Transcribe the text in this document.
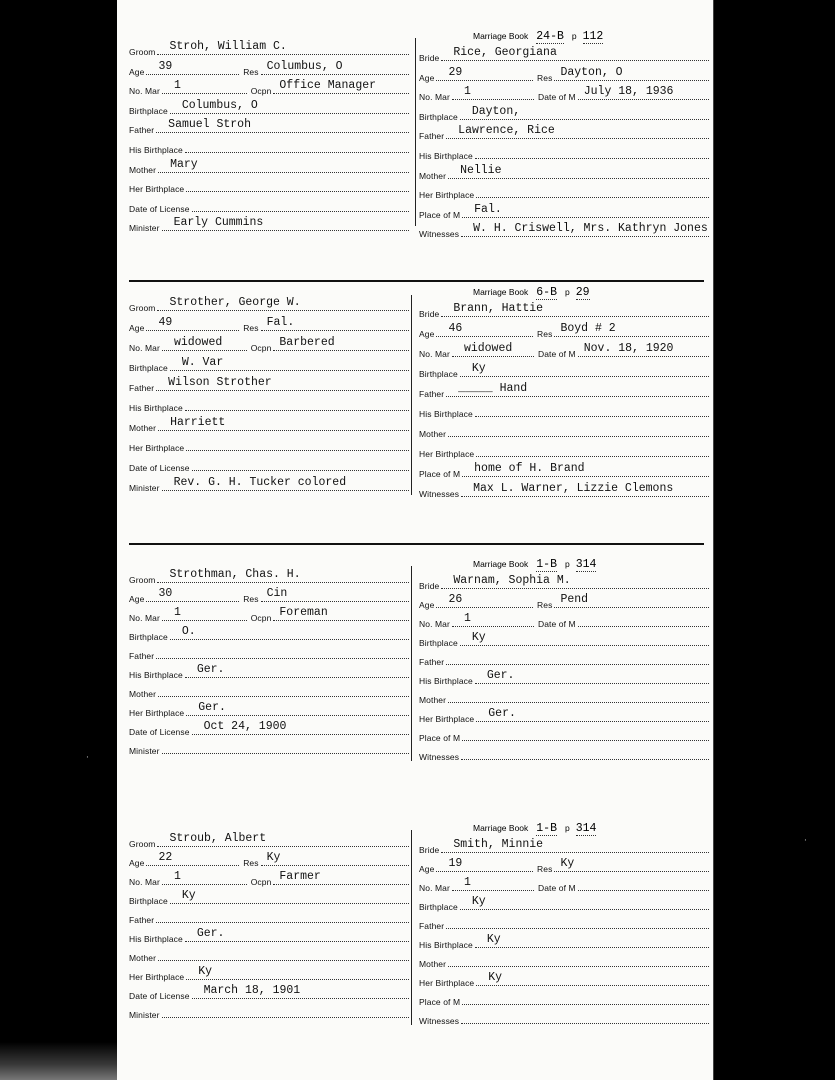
Groom Stroh, William C.
Age 39	Res Columbus, O
No. Mar 1	Ocpn Office Manager
Birthplace Columbus, O
Father Samuel Stroh
His Birthplace
Mother Mary
Her Birthplace
Date of License
Minister Early Cummins
Marriage Book 24-B p 112
Bride Rice, Georgiana
Age 29	Res Dayton, O
No. Mar 1	Date of M July 18, 1936
Birthplace Dayton,
Father Lawrence, Rice
His Birthplace
Mother Nellie
Her Birthplace
Place of M Fal.
Witnesses W. H. Criswell, Mrs. Kathryn Jones
Groom Strother, George W.
Age 49	Res Fal.
No. Mar widowed	Ocpn Barbered
Birthplace W. Var
Father Wilson Strother
His Birthplace
Mother Harriett
Her Birthplace
Date of License
Minister Rev. G. H. Tucker colored
Marriage Book 6-B p 29
Bride Brann, Hattie
Age 46	Res Boyd # 2
No. Mar widowed	Date of M Nov. 18, 1920
Birthplace Ky
Father _____ Hand
His Birthplace
Mother
Her Birthplace
Place of M home of H. Brand
Witnesses Max L. Warner, Lizzie Clemons
Groom Strothman, Chas. H.
Age 30	Res Cin
No. Mar 1	Ocpn Foreman
Birthplace O.
Father
His Birthplace Ger.
Mother
Her Birthplace Ger.
Date of License Oct 24, 1900
Minister
Marriage Book 1-B p 314
Bride Warnam, Sophia M.
Age 26	Res Pend
No. Mar 1	Date of M
Birthplace Ky
Father
His Birthplace Ger.
Mother
Her Birthplace Ger.
Place of M
Witnesses
Groom Stroub, Albert
Age 22	Res Ky
No. Mar 1	Ocpn Farmer
Birthplace Ky
Father
His Birthplace Ger.
Mother
Her Birthplace Ky
Date of License March 18, 1901
Minister
Marriage Book 1-B p 314
Bride Smith, Minnie
Age 19	Res Ky
No. Mar 1	Date of M
Birthplace Ky
Father
His Birthplace Ky
Mother
Her Birthplace Ky
Place of M
Witnesses
·
·
